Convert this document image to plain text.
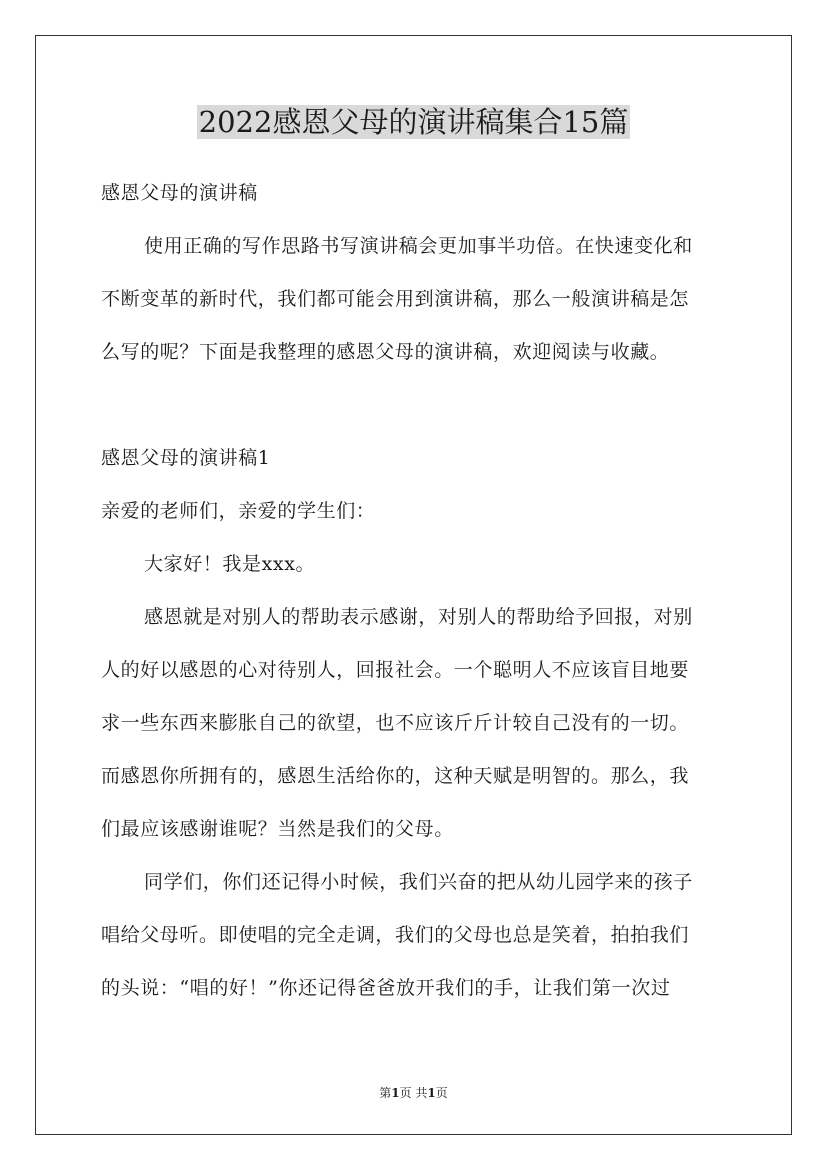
2022感恩父母的演讲稿集合15篇
感恩父母的演讲稿
使用正确的写作思路书写演讲稿会更加事半功倍。在快速变化和
不断变革的新时代，我们都可能会用到演讲稿，那么一般演讲稿是怎
么写的呢？下面是我整理的感恩父母的演讲稿，欢迎阅读与收藏。
感恩父母的演讲稿1
亲爱的老师们，亲爱的学生们：
大家好！我是xxx。
感恩就是对别人的帮助表示感谢，对别人的帮助给予回报，对别
人的好以感恩的心对待别人，回报社会。一个聪明人不应该盲目地要
求一些东西来膨胀自己的欲望，也不应该斤斤计较自己没有的一切。
而感恩你所拥有的，感恩生活给你的，这种天赋是明智的。那么，我
们最应该感谢谁呢？当然是我们的父母。
同学们，你们还记得小时候，我们兴奋的把从幼儿园学来的孩子
唱给父母听。即使唱的完全走调，我们的父母也总是笑着，拍拍我们
的头说：“唱的好！”你还记得爸爸放开我们的手，让我们第一次过
第1页 共1页
